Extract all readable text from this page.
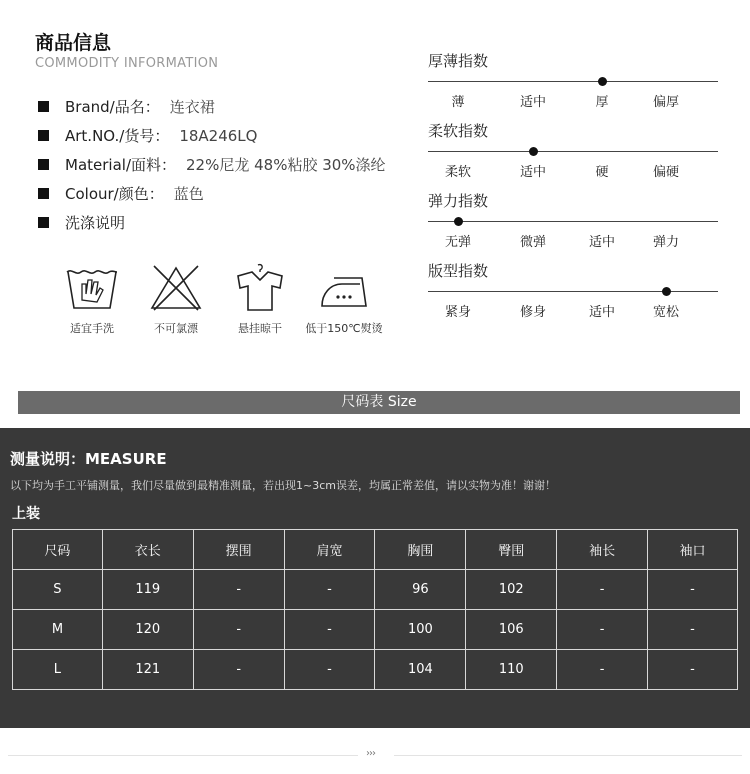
商品信息
COMMODITY INFORMATION
Brand/品名： 连衣裙
Art.NO./货号： 18A246LQ
Material/面料： 22%尼龙 48%粘胶 30%涤纶
Colour/颜色： 蓝色
洗涤说明
适宜手洗	不可氯漂	悬挂晾干	低于150℃熨烫
厚薄指数
薄	适中	厚	偏厚
柔软指数
柔软	适中	硬	偏硬
弹力指数
无弹	微弹	适中	弹力
版型指数
紧身	修身	适中	宽松
尺码表 Size
测量说明：MEASURE
以下均为手工平铺测量，我们尽量做到最精准测量，若出现1~3cm误差，均属正常差值，请以实物为准！谢谢！
上装
尺码	衣长	摆围	肩宽	胸围	臀围	袖长	袖口
S	119	-	-	96	102	-	-
M	120	-	-	100	106	-	-
L	121	-	-	104	110	-	-
›››
